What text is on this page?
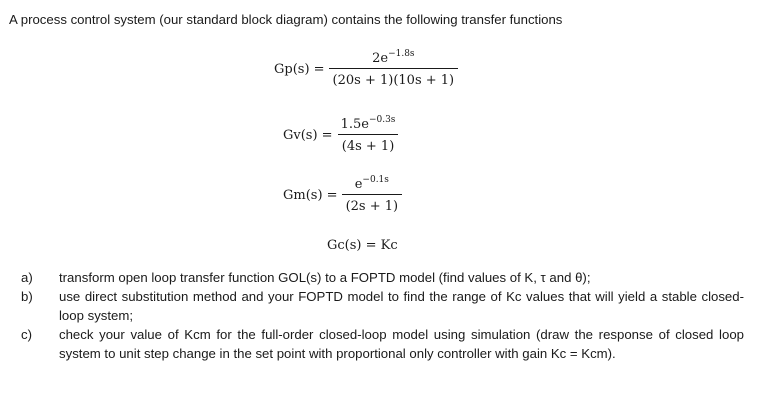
A process control system (our standard block diagram) contains the following transfer functions
$Gp(s) = \frac{2e^{-1.8s}}{(20s + 1)(10s + 1)}$
$Gv(s) = \frac{1.5e^{-0.3s}}{(4s + 1)}$
$Gm(s) = \frac{e^{-0.1s}}{(2s + 1)}$
Gc(s) = Kc
a)	transform open loop transfer function GOL(s) to a FOPTD model (find values of K, τ and θ);
b)	use direct substitution method and your FOPTD model to find the range of Kc values that will yield a stable closed-loop system;
c)	check your value of Kcm for the full-order closed-loop model using simulation (draw the response of closed loop system to unit step change in the set point with proportional only controller with gain Kc = Kcm).
